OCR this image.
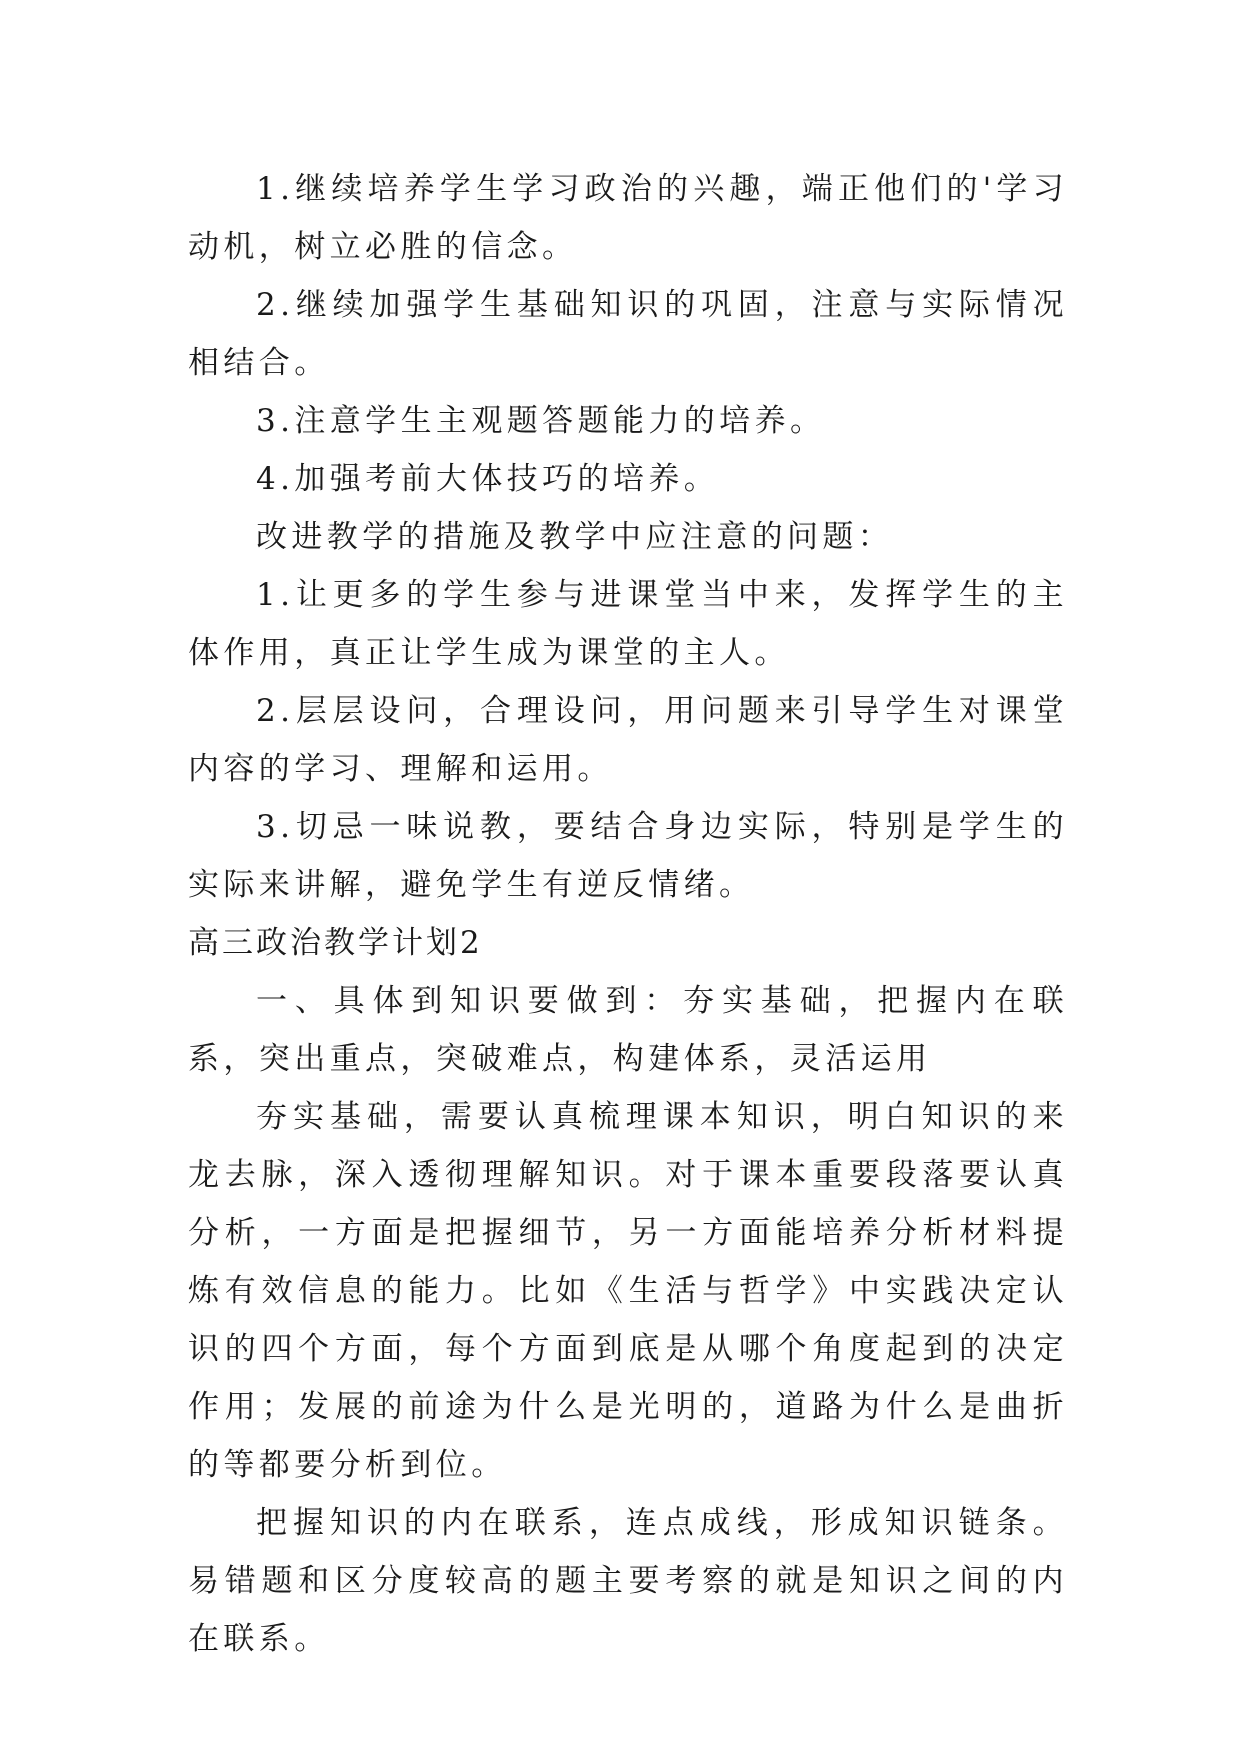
1.继续培养学生学习政治的兴趣，端正他们的'学习动机，树立必胜的信念。

2.继续加强学生基础知识的巩固，注意与实际情况相结合。

3.注意学生主观题答题能力的培养。

4.加强考前大体技巧的培养。

改进教学的措施及教学中应注意的问题：

1.让更多的学生参与进课堂当中来，发挥学生的主体作用，真正让学生成为课堂的主人。

2.层层设问，合理设问，用问题来引导学生对课堂内容的学习、理解和运用。

3.切忌一味说教，要结合身边实际，特别是学生的实际来讲解，避免学生有逆反情绪。

高三政治教学计划2

一、具体到知识要做到：夯实基础，把握内在联系，突出重点，突破难点，构建体系，灵活运用

夯实基础，需要认真梳理课本知识，明白知识的来龙去脉，深入透彻理解知识。对于课本重要段落要认真分析，一方面是把握细节，另一方面能培养分析材料提炼有效信息的能力。比如《生活与哲学》中实践决定认识的四个方面，每个方面到底是从哪个角度起到的决定作用；发展的前途为什么是光明的，道路为什么是曲折的等都要分析到位。

把握知识的内在联系，连点成线，形成知识链条。易错题和区分度较高的题主要考察的就是知识之间的内在联系。
